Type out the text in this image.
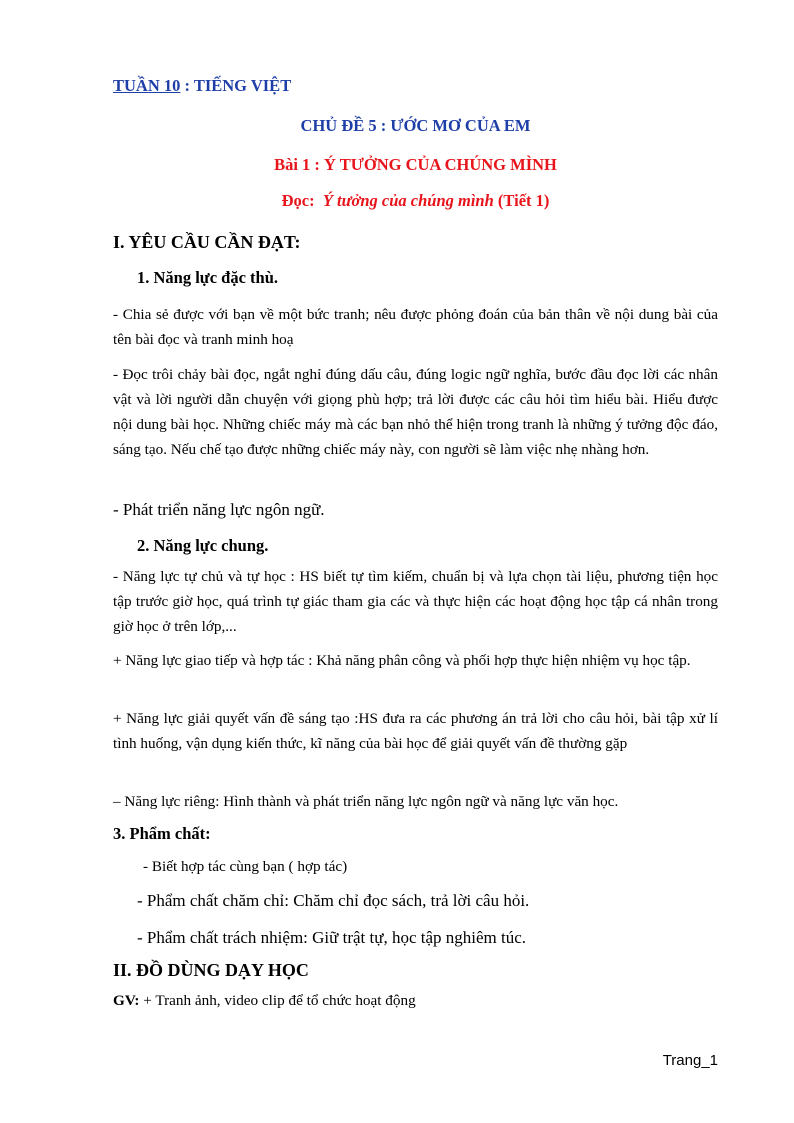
TUẦN 10 : TIẾNG VIỆT
CHỦ ĐỀ 5 : ƯỚC MƠ CỦA EM
Bài 1 : Ý TƯỞNG CỦA CHÚNG MÌNH
Đọc: Ý tưởng của chúng mình (Tiết 1)
I. YÊU CẦU CẦN ĐẠT:
1. Năng lực đặc thù.

- Chia sẻ được với bạn về một bức tranh; nêu được phỏng đoán của bản thân về nội dung bài của tên bài đọc và tranh minh hoạ

- Đọc trôi chảy bài đọc, ngắt nghỉ đúng dấu câu, đúng logic ngữ nghĩa, bước đầu đọc lời các nhân vật và lời người dẫn chuyện với giọng phù hợp; trả lời được các câu hỏi tìm hiểu bài. Hiểu được nội dung bài học. Những chiếc máy mà các bạn nhỏ thể hiện trong tranh là những ý tưởng độc đáo, sáng tạo. Nếu chế tạo được những chiếc máy này, con người sẽ làm việc nhẹ nhàng hơn.

- Phát triển năng lực ngôn ngữ.

2. Năng lực chung.

- Năng lực tự chủ và tự học : HS biết tự tìm kiếm, chuẩn bị và lựa chọn tài liệu, phương tiện học tập trước giờ học, quá trình tự giác tham gia các và thực hiện các hoạt động học tập cá nhân trong giờ học ở trên lớp,...

+ Năng lực giao tiếp và hợp tác : Khả năng phân công và phối hợp thực hiện nhiệm vụ học tập.

+ Năng lực giải quyết vấn đề sáng tạo :HS đưa ra các phương án trả lời cho câu hỏi, bài tập xử lí tình huống, vận dụng kiến thức, kĩ năng của bài học để giải quyết vấn đề thường gặp

– Năng lực riêng: Hình thành và phát triển năng lực ngôn ngữ và năng lực văn học.

3. Phẩm chất:

- Biết hợp tác cùng bạn ( hợp tác)

- Phẩm chất chăm chỉ: Chăm chỉ đọc sách, trả lời câu hỏi.

- Phẩm chất trách nhiệm: Giữ trật tự, học tập nghiêm túc.

II. ĐỒ DÙNG DẠY HỌC
GV: + Tranh ảnh, video clip để tổ chức hoạt động
Trang_1
